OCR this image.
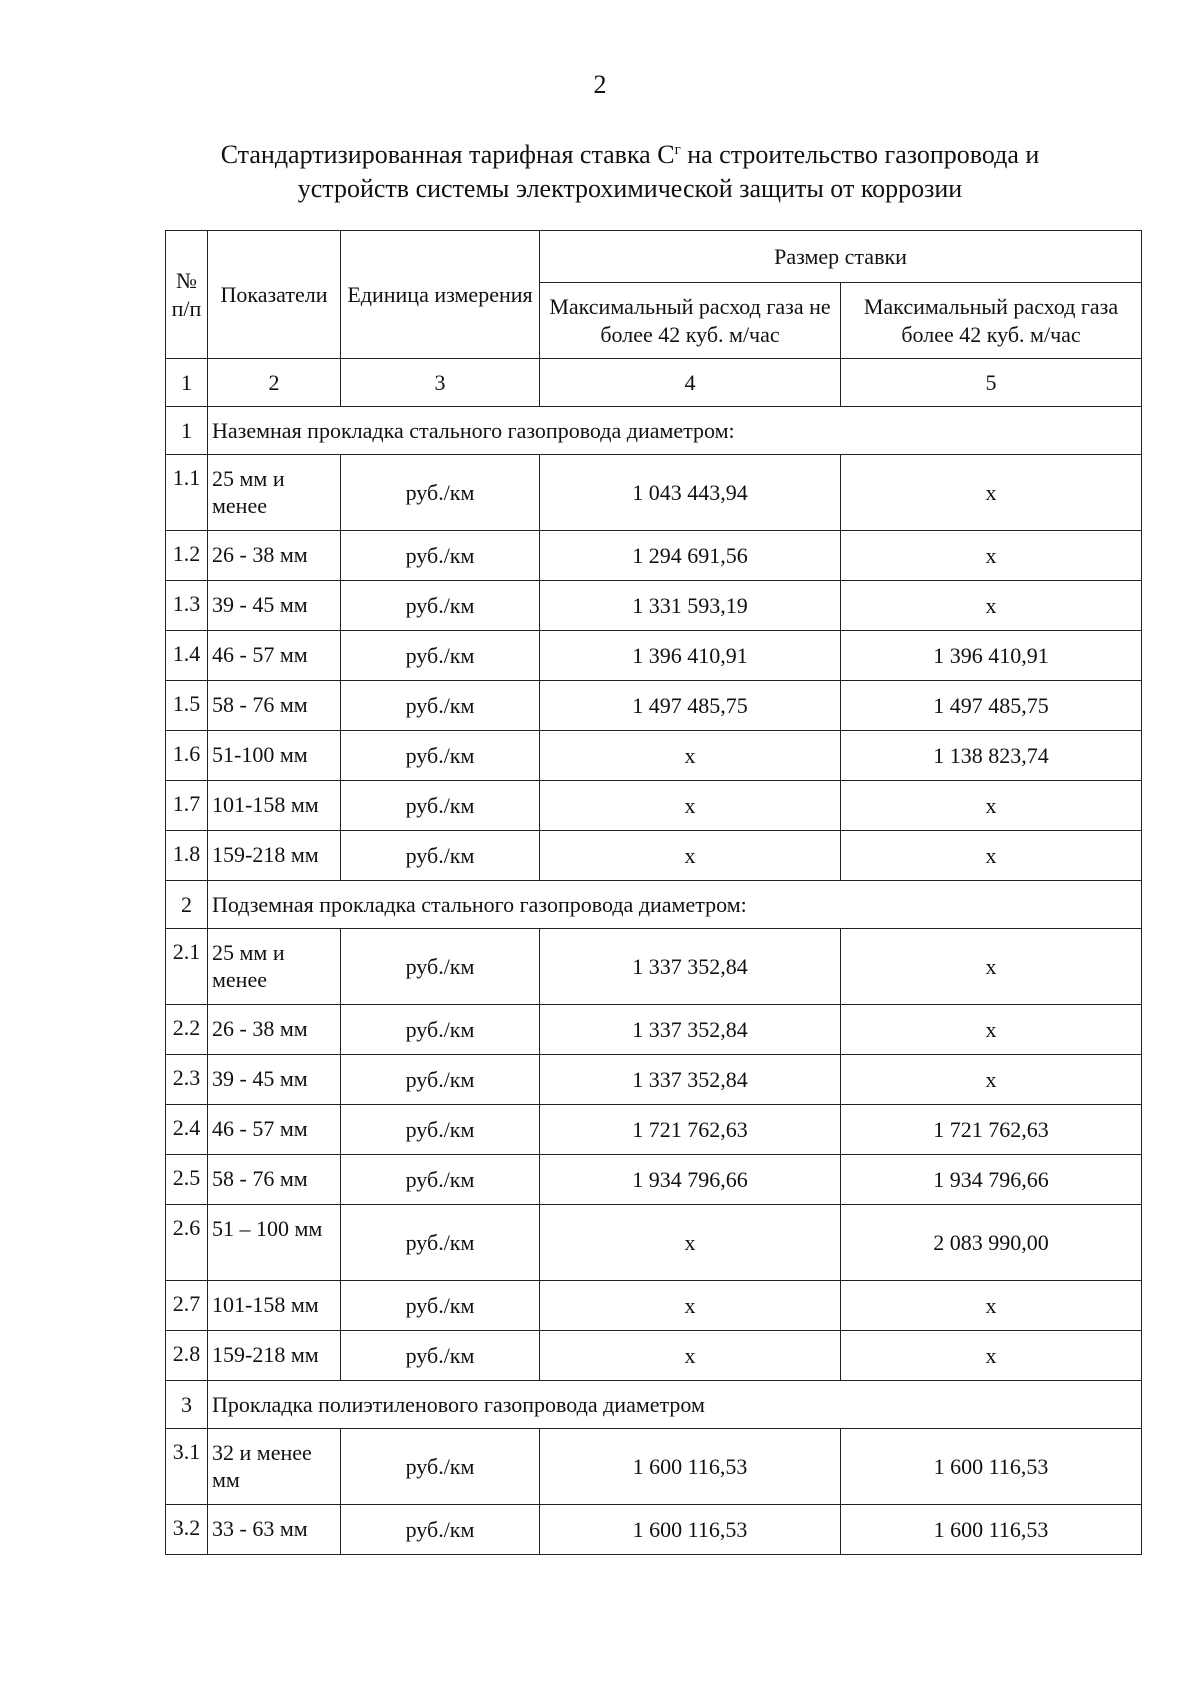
2
Стандартизированная тарифная ставка $С^г$ на строительство газопровода и
устройств системы электрохимической защиты от коррозии
№ п/п	Показатели	Единица измерения	Размер ставки	
			Максимальный расход газа не более 42 куб. м/час	Максимальный расход газа более 42 куб. м/час
1	2	3	4	5
1	Наземная прокладка стального газопровода диаметром:			
1.1	25 мм и менее	руб./км	1 043 443,94	x
1.2	26 - 38 мм	руб./км	1 294 691,56	x
1.3	39 - 45 мм	руб./км	1 331 593,19	x
1.4	46 - 57 мм	руб./км	1 396 410,91	1 396 410,91
1.5	58 - 76 мм	руб./км	1 497 485,75	1 497 485,75
1.6	51-100 мм	руб./км	x	1 138 823,74
1.7	101-158 мм	руб./км	x	x
1.8	159-218 мм	руб./км	x	x
2	Подземная прокладка стального газопровода диаметром:			
2.1	25 мм и менее	руб./км	1 337 352,84	x
2.2	26 - 38 мм	руб./км	1 337 352,84	x
2.3	39 - 45 мм	руб./км	1 337 352,84	x
2.4	46 - 57 мм	руб./км	1 721 762,63	1 721 762,63
2.5	58 - 76 мм	руб./км	1 934 796,66	1 934 796,66
2.6	51 – 100 мм	руб./км	x	2 083 990,00
2.7	101-158 мм	руб./км	x	x
2.8	159-218 мм	руб./км	x	x
3	Прокладка полиэтиленового газопровода диаметром			
3.1	32 и менее мм	руб./км	1 600 116,53	1 600 116,53
3.2	33 - 63 мм	руб./км	1 600 116,53	1 600 116,53
